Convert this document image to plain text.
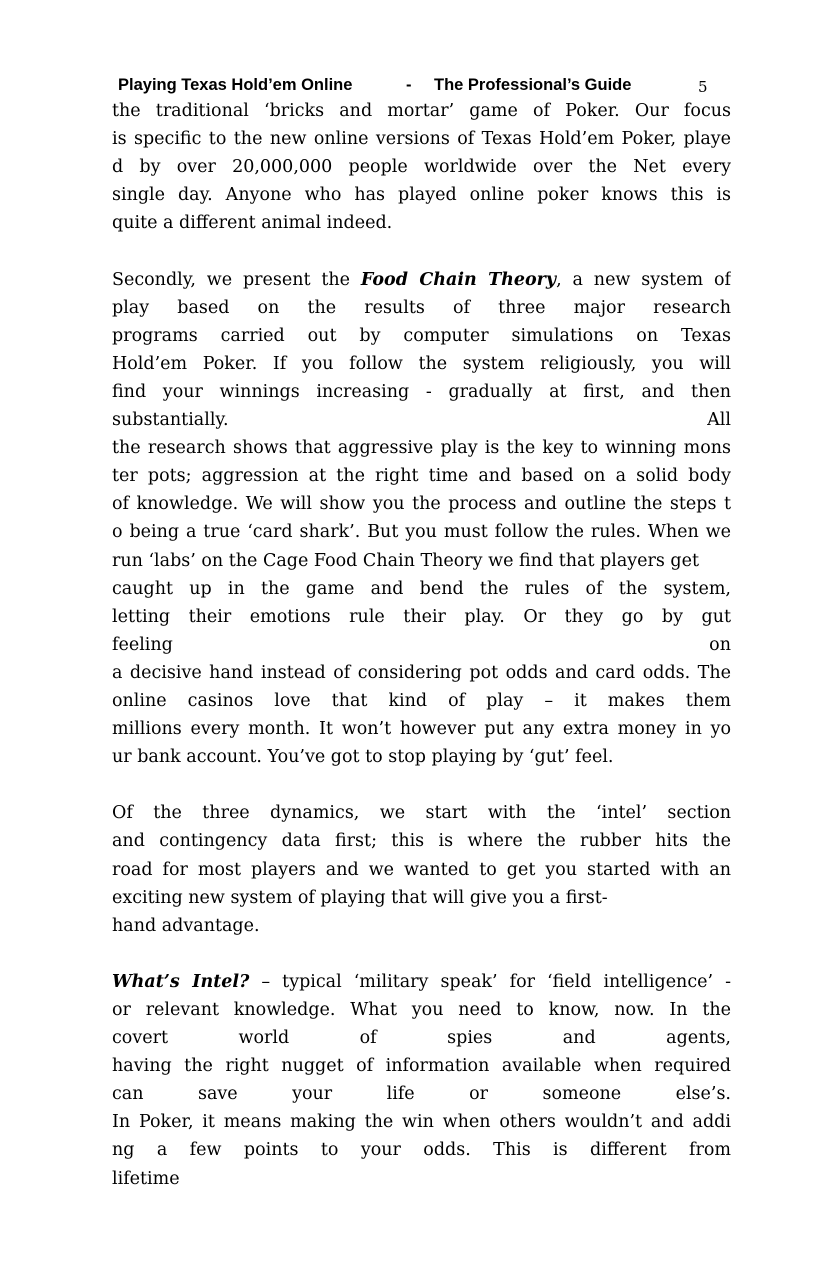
Playing Texas Hold’em Online	- The Professional’s Guide	5
the traditional ‘bricks and mortar’ game of Poker. Our focus
is specific to the new online versions of Texas Hold’em Poker, playe
d by over 20,000,000 people worldwide over the Net every
single day. Anyone who has played online poker knows this is
quite a different animal indeed.
Secondly, we present the Food Chain Theory, a new system of
play based on the results of three major research
programs carried out by computer simulations on Texas
Hold’em Poker. If you follow the system religiously, you will
find your winnings increasing - gradually at first, and then
substantially. All
the research shows that aggressive play is the key to winning mons
ter pots; aggression at the right time and based on a solid body
of knowledge. We will show you the process and outline the steps t
o being a true ‘card shark’. But you must follow the rules. When we
run ‘labs’ on the Cage Food Chain Theory we find that players get
caught up in the game and bend the rules of the system,
letting their emotions rule their play. Or they go by gut
feeling on
a decisive hand instead of considering pot odds and card odds. The
online casinos love that kind of play – it makes them
millions every month. It won’t however put any extra money in yo
ur bank account. You’ve got to stop playing by ‘gut’ feel.
Of the three dynamics, we start with the ‘intel’ section
and contingency data first; this is where the rubber hits the
road for most players and we wanted to get you started with an
exciting new system of playing that will give you a first-
hand advantage.
What’s Intel? – typical ‘military speak’ for ‘field intelligence’ -
or relevant knowledge. What you need to know, now. In the
covert world of spies and agents,
having the right nugget of information available when required
can save your life or someone else’s.
In Poker, it means making the win when others wouldn’t and addi
ng a few points to your odds. This is different from
lifetime
